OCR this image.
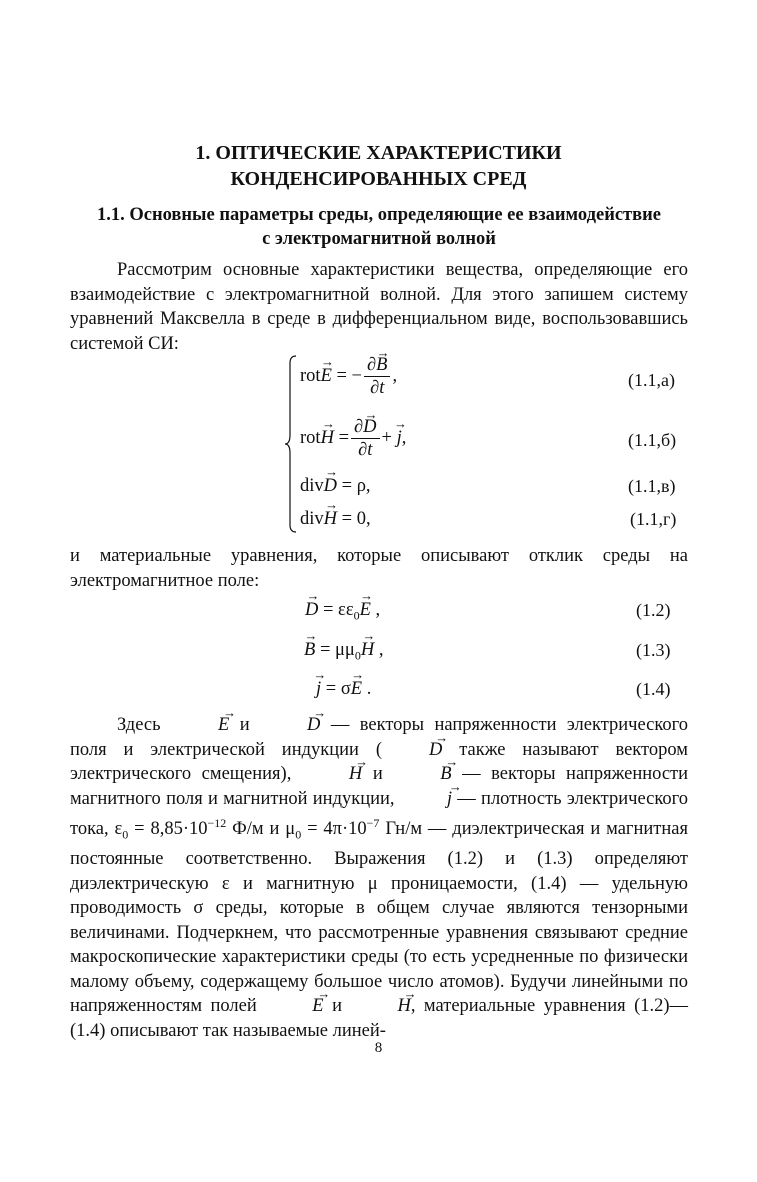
1. ОПТИЧЕСКИЕ ХАРАКТЕРИСТИКИ
КОНДЕНСИРОВАННЫХ СРЕД
1.1. Основные параметры среды, определяющие ее взаимодействие
с электромагнитной волной

Рассмотрим основные характеристики вещества, определяющие его взаимодействие с электромагнитной волной. Для этого запишем систему уравнений Максвелла в среде в дифференциальном виде, воспользовавшись системой СИ:

rot→ E = − $\frac{\partial\to B}{\partial t}$ ,	(1.1,а)
$rot\to H = \frac{\partial\to D}{\partial t}$ + → j,	(1.1,б)
div→ D = ρ,	(1.1,в)
div→ H = 0,	(1.1,г)

и материальные уравнения, которые описывают отклик среды на электромагнитное поле:

→ $D = \varepsilon\varepsilon_0\to E$ ,	(1.2)
→ $B = \mu\mu_0\to H$ ,	(1.3)
→ j = σ→ E .	(1.4)

Здесь	→ E и	→ D — векторы напряженности электрического поля и электрической индукции (	→ D также называют вектором электрического смещения),	→ H и	→ B — векторы напряженности магнитного поля и магнитной индукции,	→ j — плотность электрического тока, $\varepsilon_0 = 8,85\cdot 10^{-12}$ Ф/м и $\mu_0 = 4\pi\cdot 10^{-7}$ Гн/м — диэлектрическая и магнитная постоянные соответственно. Выражения (1.2) и (1.3) определяют диэлектрическую ε и магнитную μ проницаемости, (1.4) — удельную проводимость σ среды, которые в общем случае являются тензорными величинами. Подчеркнем, что рассмотренные уравнения связывают средние макроскопические характеристики среды (то есть усредненные по физически малому объему, содержащему большое число атомов). Будучи линейными по напряженностям полей	→ E и	→ H, материальные уравнения (1.2)—(1.4) описывают так называемые линей-

8
